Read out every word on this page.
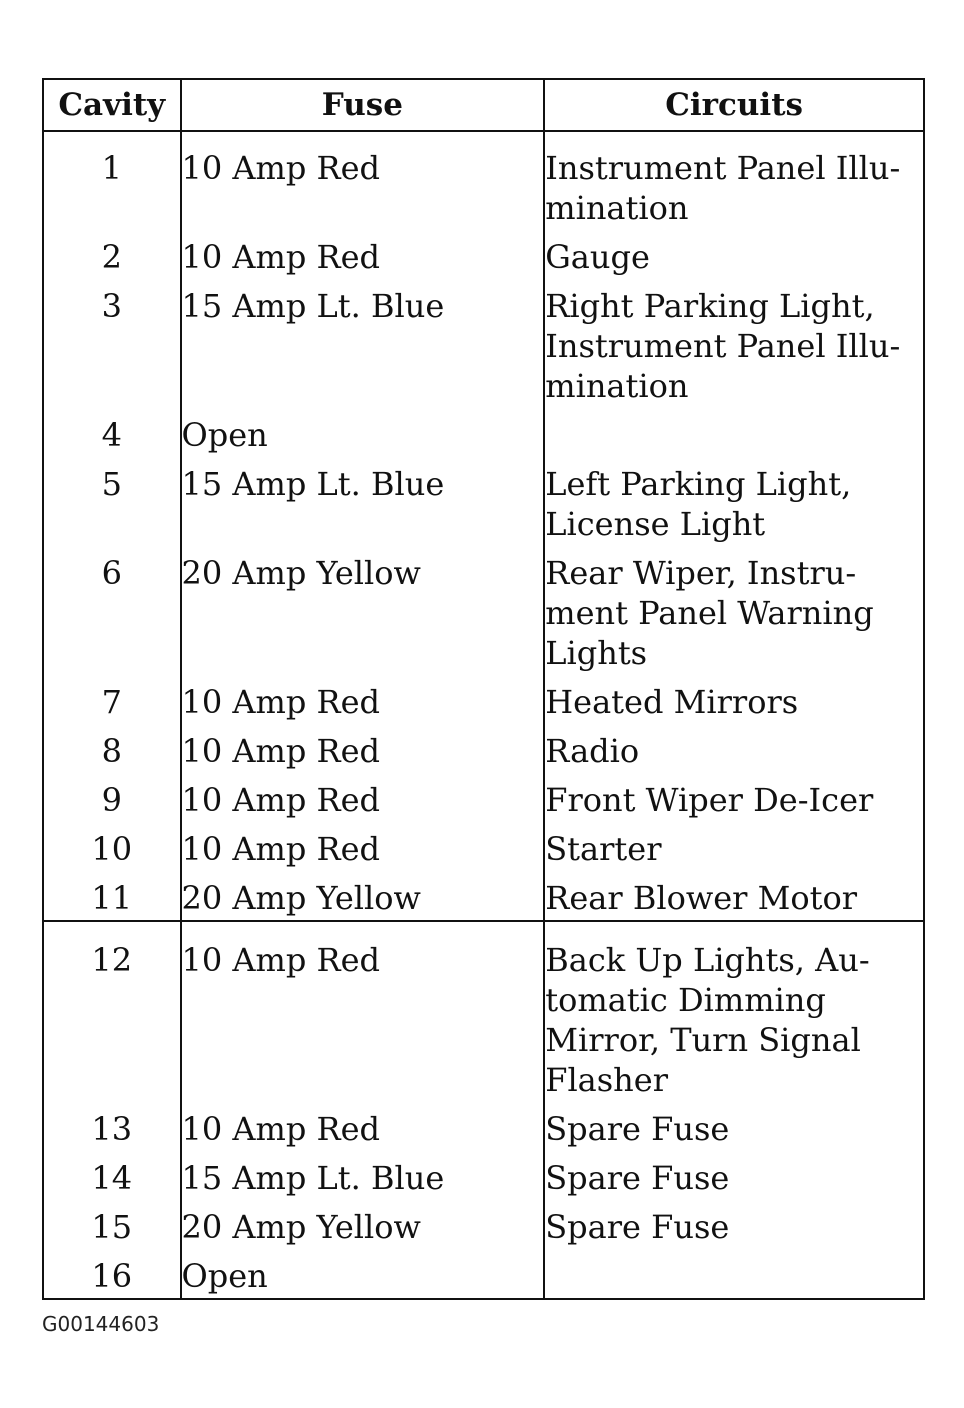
Cavity	Fuse	Circuits
1	10 Amp Red	Instrument Panel Illu-
mination

2	10 Amp Red	Gauge

3	15 Amp Lt. Blue	Right Parking Light,
Instrument Panel Illu-
mination

4	Open	
5	15 Amp Lt. Blue	Left Parking Light,
License Light

6	20 Amp Yellow	Rear Wiper, Instru-
ment Panel Warning
Lights

7	10 Amp Red	Heated Mirrors

8	10 Amp Red	Radio

9	10 Amp Red	Front Wiper De-Icer

10	10 Amp Red	Starter

11	20 Amp Yellow	Rear Blower Motor

12	10 Amp Red	Back Up Lights, Au-
tomatic Dimming
Mirror, Turn Signal
Flasher

13	10 Amp Red	Spare Fuse

14	15 Amp Lt. Blue	Spare Fuse

15	20 Amp Yellow	Spare Fuse

16	Open	
G00144603
